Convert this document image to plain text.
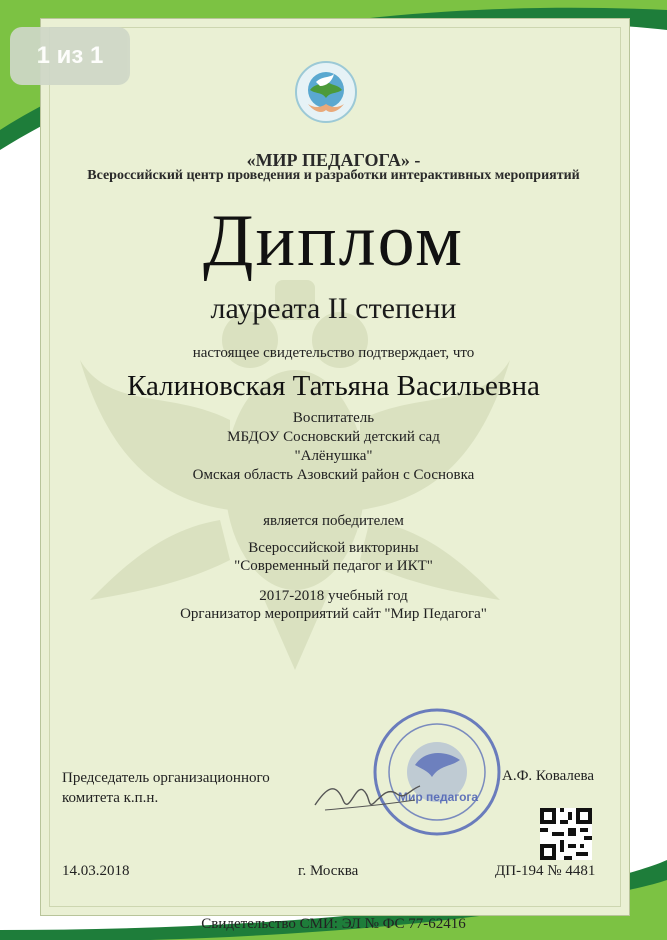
1 из 1
«МИР ПЕДАГОГА» -
Всероссийский центр проведения и разработки интерактивных мероприятий
Диплом
лауреата II степени
настоящее свидетельство подтверждает, что
Калиновская Татьяна Васильевна
Воспитатель
МБДОУ Сосновский детский сад
"Алёнушка"
Омская область Азовский район с Сосновка
является победителем
Всероссийской викторины
"Современный педагог и ИКТ"
2017-2018 учебный год
Организатор мероприятий сайт "Мир Педагога"
Мир педагога
Председатель организационного
комитета к.п.н.
А.Ф. Ковалева
14.03.2018	г. Москва	ДП-194 № 4481
Свидетельство СМИ: ЭЛ № ФС 77-62416
